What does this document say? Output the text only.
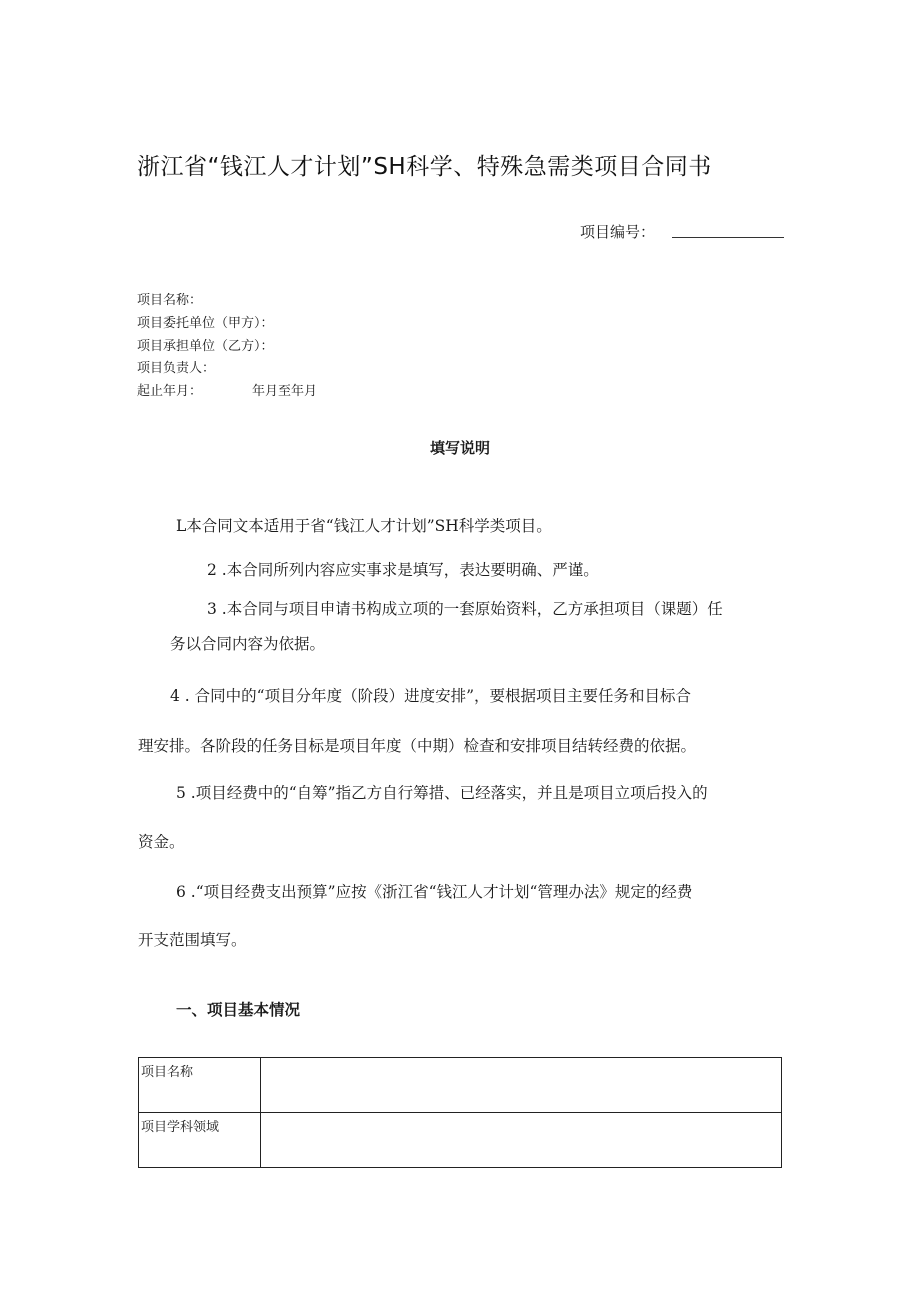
浙江省“钱江人才计划”SH科学、特殊急需类项目合同书
项目编号：
项目名称：
项目委托单位（甲方）：
项目承担单位（乙方）：
项目负责人：
起止年月：	年月至年月
填写说明
L本合同文本适用于省“钱江人才计划”SH科学类项目。
2 .本合同所列内容应实事求是填写，表达要明确、严谨。
3 .本合同与项目申请书构成立项的一套原始资料，乙方承担项目（课题）任
务以合同内容为依据。
4 . 合同中的“项目分年度（阶段）进度安排”，要根据项目主要任务和目标合
理安排。各阶段的任务目标是项目年度（中期）检查和安排项目结转经费的依据。
5 .项目经费中的“自筹”指乙方自行筹措、已经落实，并且是项目立项后投入的
资金。
6 .“项目经费支出预算”应按《浙江省“钱江人才计划“管理办法》规定的经费
开支范围填写。
一、项目基本情况
项目名称	
项目学科领域	
